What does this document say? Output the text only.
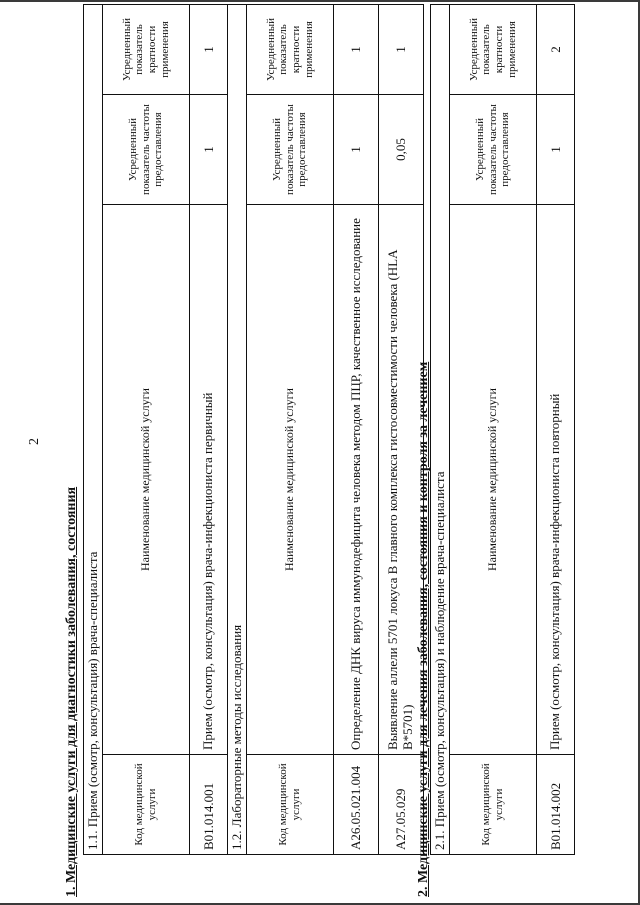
2
1. Медицинские услуги для диагностики заболевания, состояния 1.1. Прием (осмотр, консультация) врача-специалиста			
Код медицинской услуги	Наименование медицинской услуги	Усредненный показатель частоты предоставления	Усредненный показатель кратности применения
B01.014.001	Прием (осмотр, консультация) врача-инфекциониста первичный	1	1
1.2. Лабораторные методы исследования			
Код медицинской услуги	Наименование медицинской услуги	Усредненный показатель частоты предоставления	Усредненный показатель кратности применения
A26.05.021.004	Определение ДНК вируса иммунодефицита человека методом ПЦР, качественное исследование	1	1
A27.05.029	Выявление аллели 5701 локуса B главного комплекса гистосовместимости человека (HLA B*5701)	0,05	1
2. Медицинские услуги для лечения заболевания, состояния и контроля за лечением 2.1. Прием (осмотр, консультация) и наблюдение врача-специалиста			
Код медицинской услуги	Наименование медицинской услуги	Усредненный показатель частоты предоставления	Усредненный показатель кратности применения
B01.014.002	Прием (осмотр, консультация) врача-инфекциониста повторный	1	2
